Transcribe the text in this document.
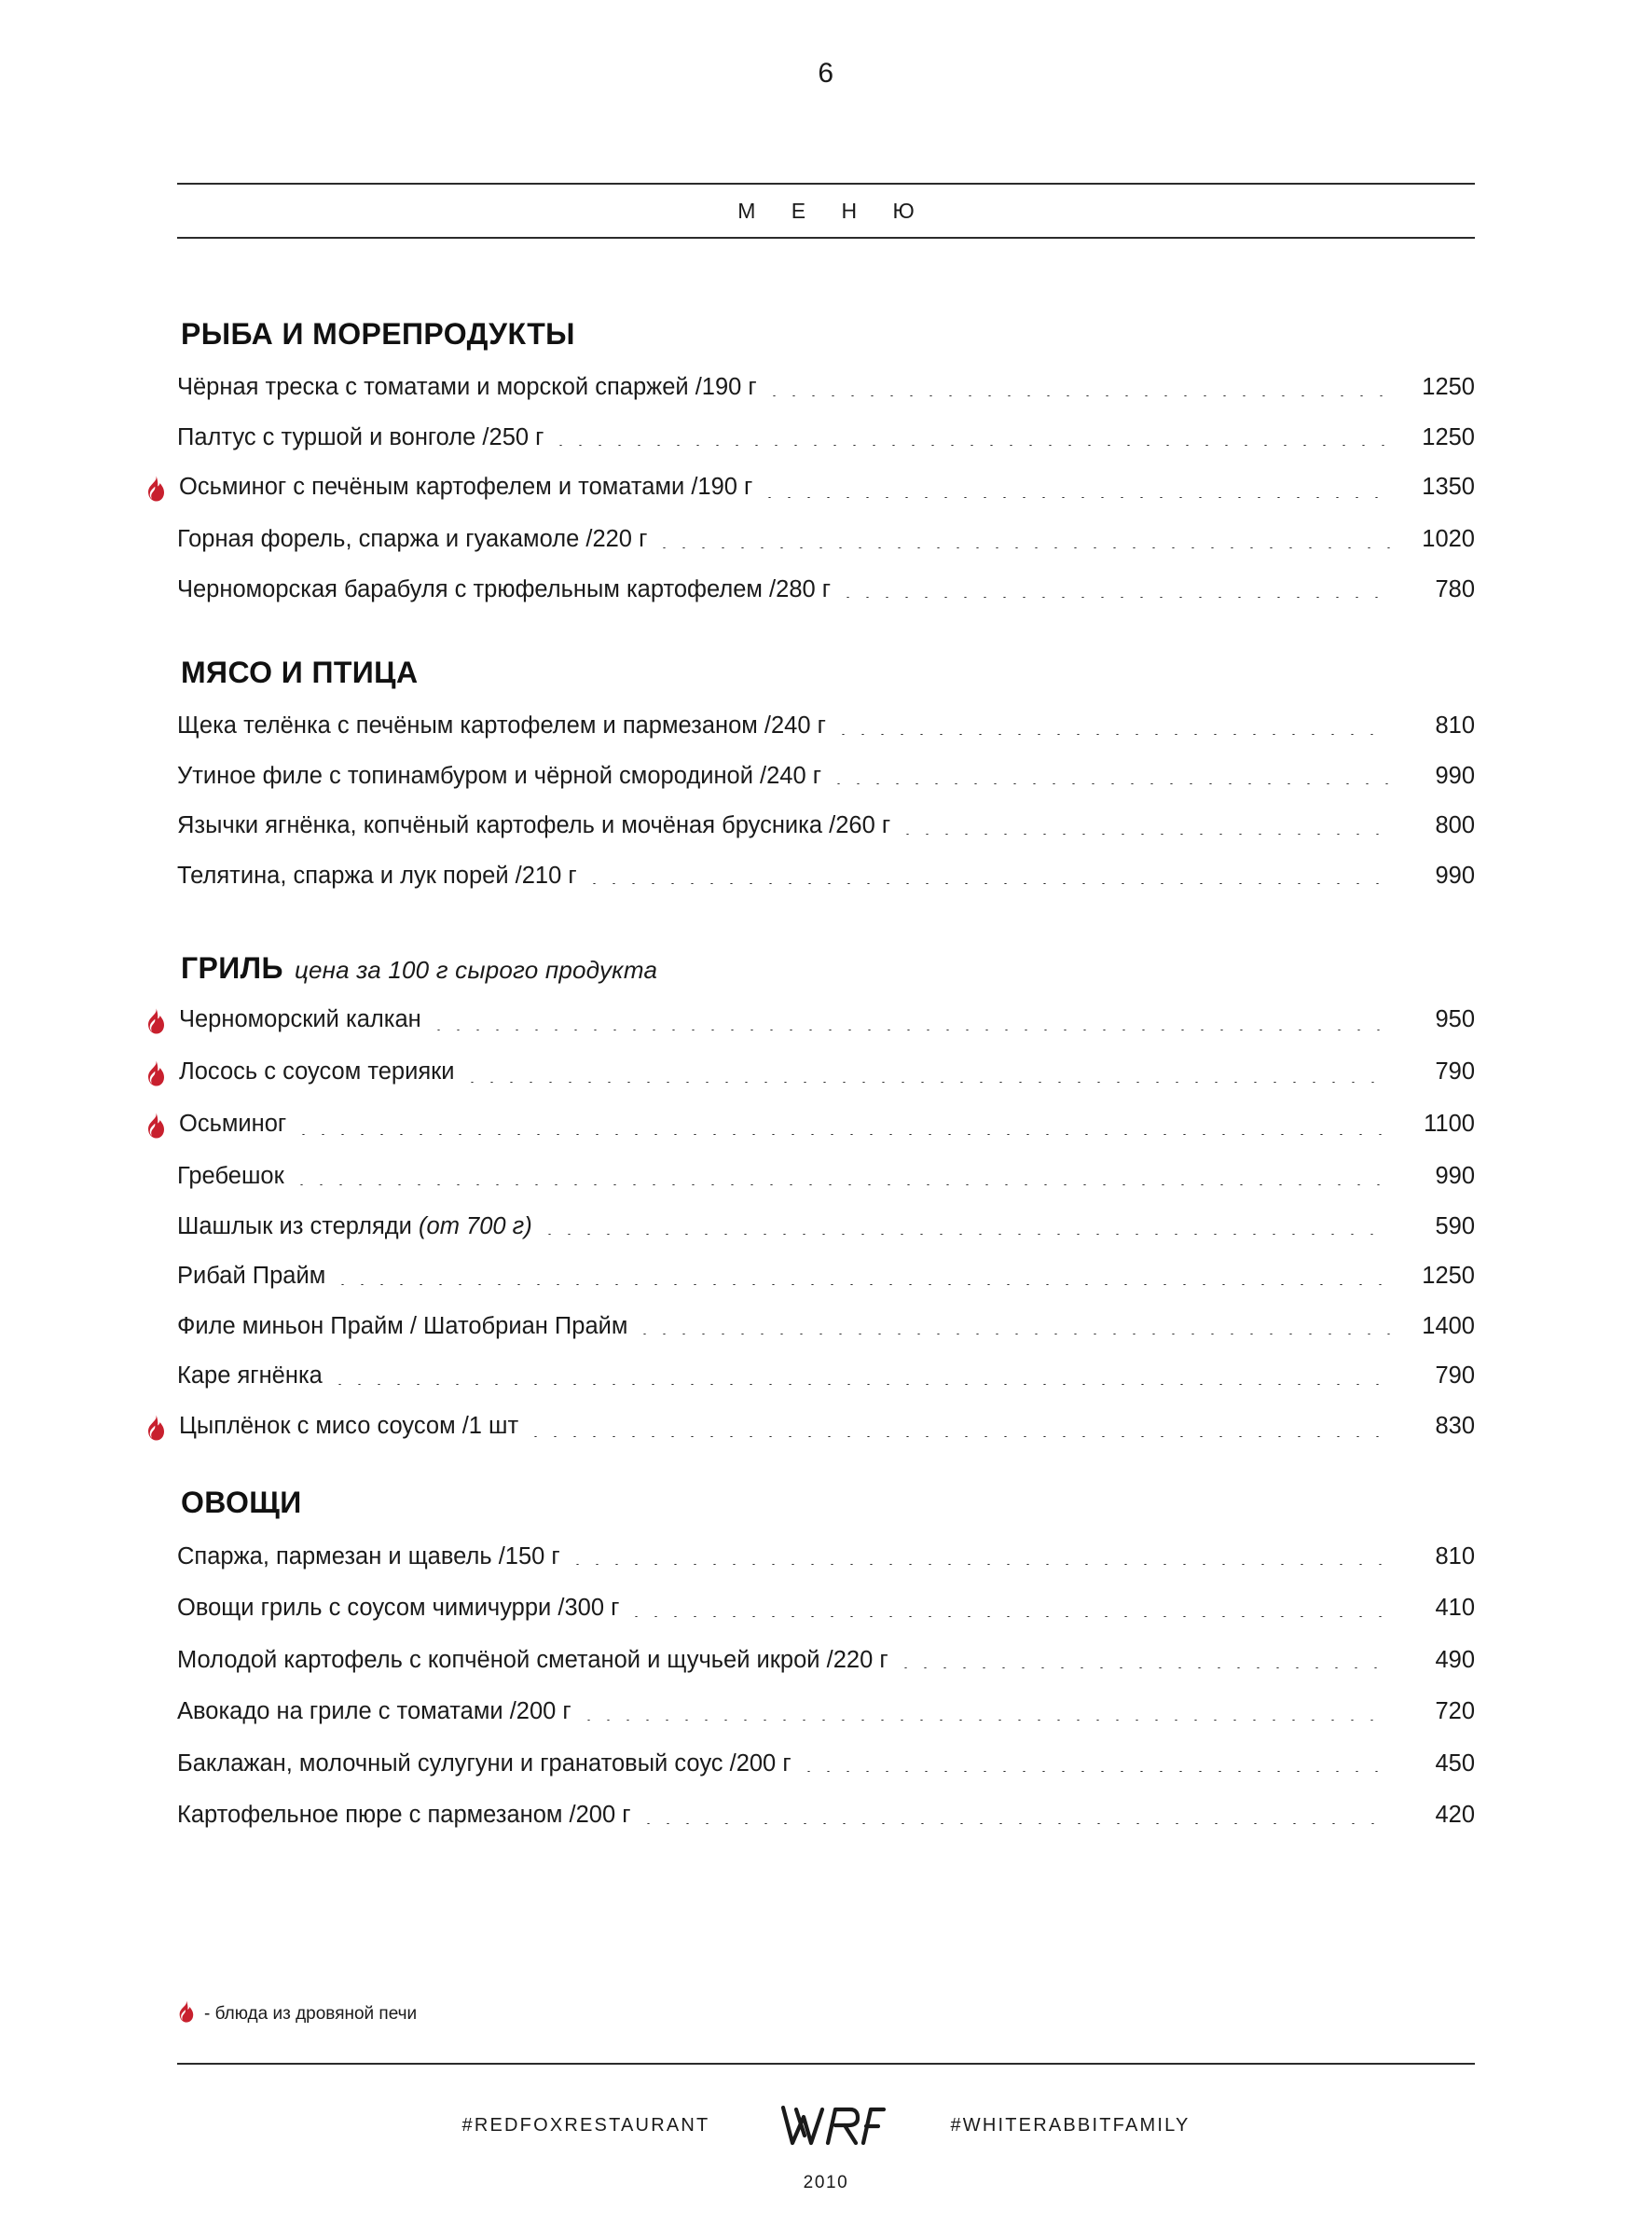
6
М Е Н Ю
РЫБА И МОРЕПРОДУКТЫ
Чёрная треска с томатами и морской спаржей /190 г	1250
Палтус с туршой и вонголе /250 г	1250
Осьминог с печёным картофелем и томатами /190 г	1350
Горная форель, спаржа и гуакамоле /220 г	1020
Черноморская барабуля с трюфельным картофелем /280 г	780
МЯСО И ПТИЦА
Щека телёнка с печёным картофелем и пармезаном /240 г	810
Утиное филе с топинамбуром и чёрной смородиной /240 г	990
Язычки ягнёнка, копчёный картофель и мочёная брусника /260 г	800
Телятина, спаржа и лук порей /210 г	990
ГРИЛЬ цена за 100 г сырого продукта
Черноморский калкан	950
Лосось с соусом терияки	790
Осьминог	1100
Гребешок	990
Шашлык из стерляди (от 700 г)	590
Рибай Прайм	1250
Филе миньон Прайм / Шатобриан Прайм	1400
Каре ягнёнка	790
Цыплёнок с мисо соусом /1 шт	830
ОВОЩИ
Спаржа, пармезан и щавель /150 г	810
Овощи гриль с соусом чимичурри /300 г	410
Молодой картофель с копчёной сметаной и щучьей икрой /220 г	490
Авокадо на гриле с томатами /200 г	720
Баклажан, молочный сулугуни и гранатовый соус /200 г	450
Картофельное пюре с пармезаном /200 г	420
- блюда из дровяной печи
#REDFOXRESTAURANT	#WHITERABBITFAMILY
2010
